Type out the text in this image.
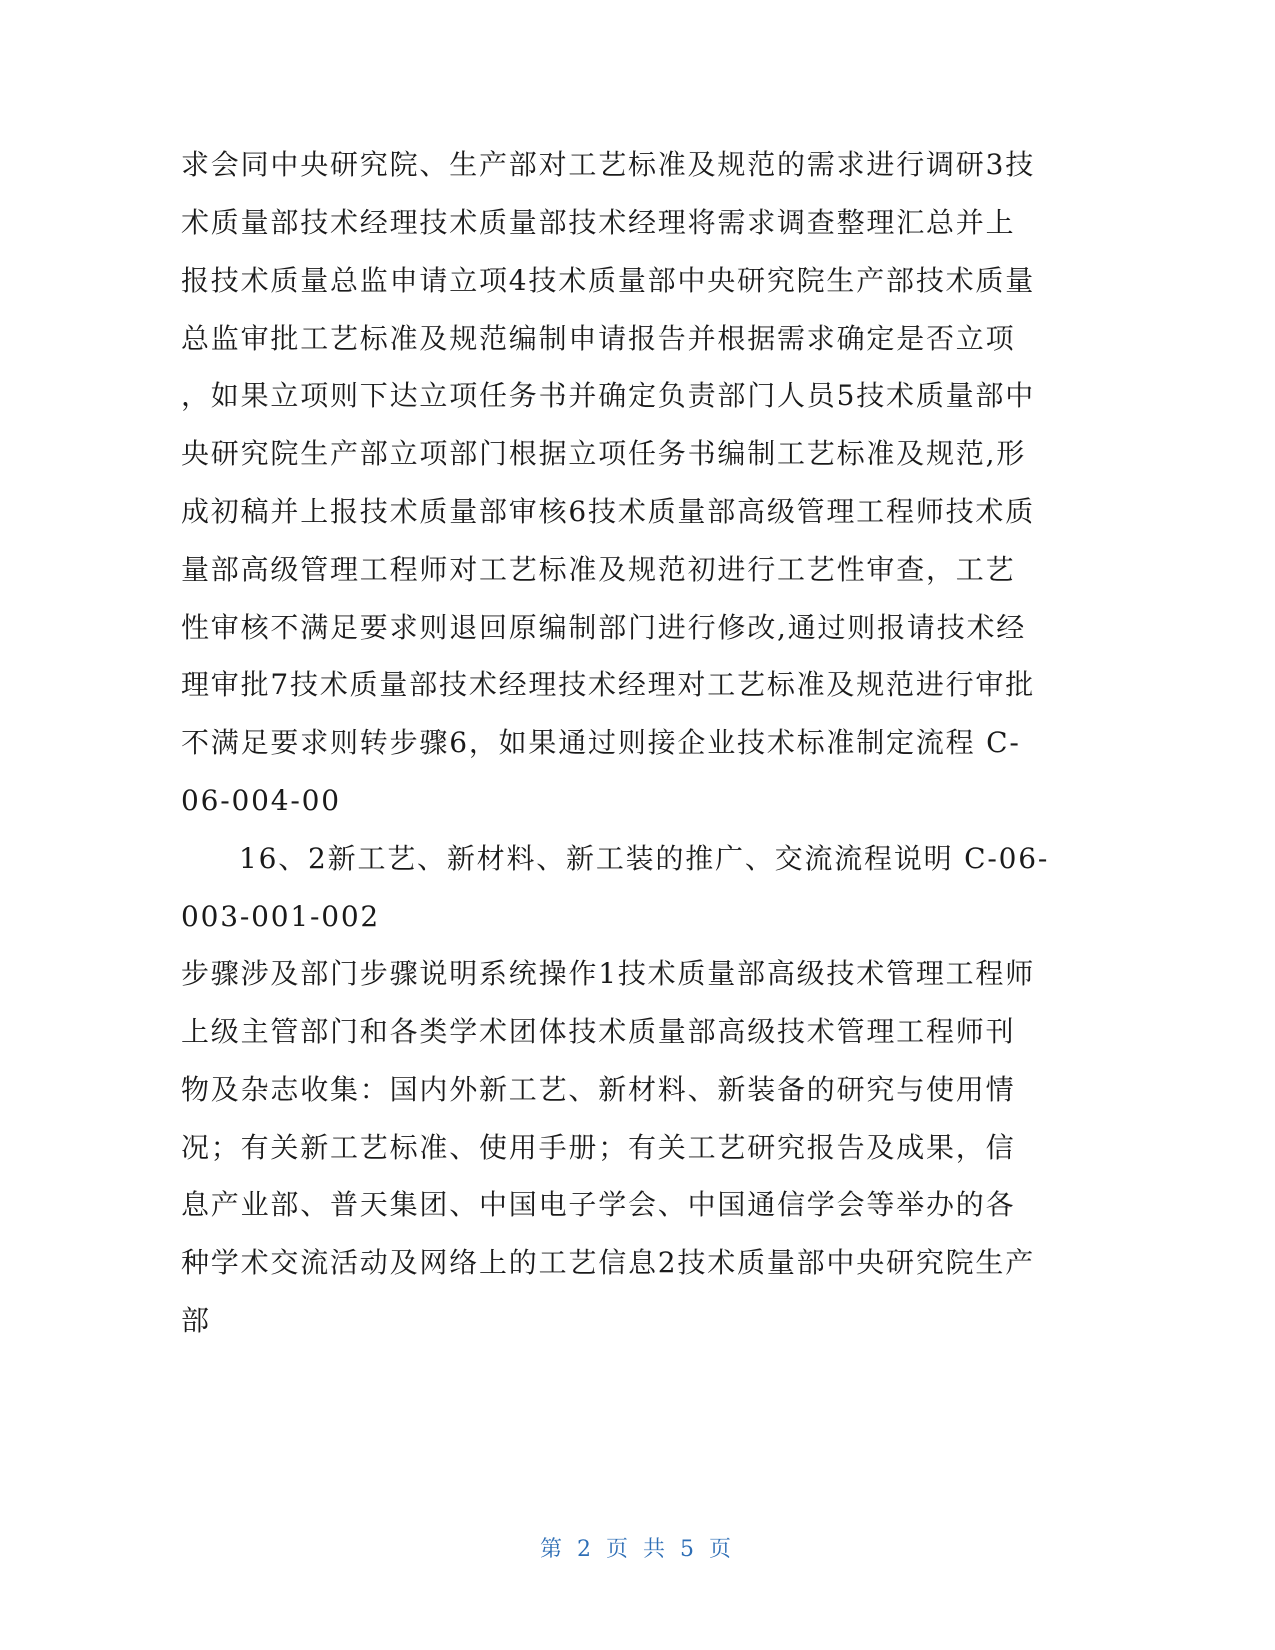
求会同中央研究院、生产部对工艺标准及规范的需求进行调研3技
术质量部技术经理技术质量部技术经理将需求调查整理汇总并上
报技术质量总监申请立项4技术质量部中央研究院生产部技术质量
总监审批工艺标准及规范编制申请报告并根据需求确定是否立项
，如果立项则下达立项任务书并确定负责部门人员5技术质量部中
央研究院生产部立项部门根据立项任务书编制工艺标准及规范,形
成初稿并上报技术质量部审核6技术质量部高级管理工程师技术质
量部高级管理工程师对工艺标准及规范初进行工艺性审查，工艺
性审核不满足要求则退回原编制部门进行修改,通过则报请技术经
理审批7技术质量部技术经理技术经理对工艺标准及规范进行审批
不满足要求则转步骤6，如果通过则接企业技术标准制定流程 C-
06-004-00
16、2新工艺、新材料、新工装的推广、交流流程说明 C-06-
003-001-002
步骤涉及部门步骤说明系统操作1技术质量部高级技术管理工程师
上级主管部门和各类学术团体技术质量部高级技术管理工程师刊
物及杂志收集：国内外新工艺、新材料、新装备的研究与使用情
况；有关新工艺标准、使用手册；有关工艺研究报告及成果，信
息产业部、普天集团、中国电子学会、中国通信学会等举办的各
种学术交流活动及网络上的工艺信息2技术质量部中央研究院生产
部
第 2 页 共 5 页
